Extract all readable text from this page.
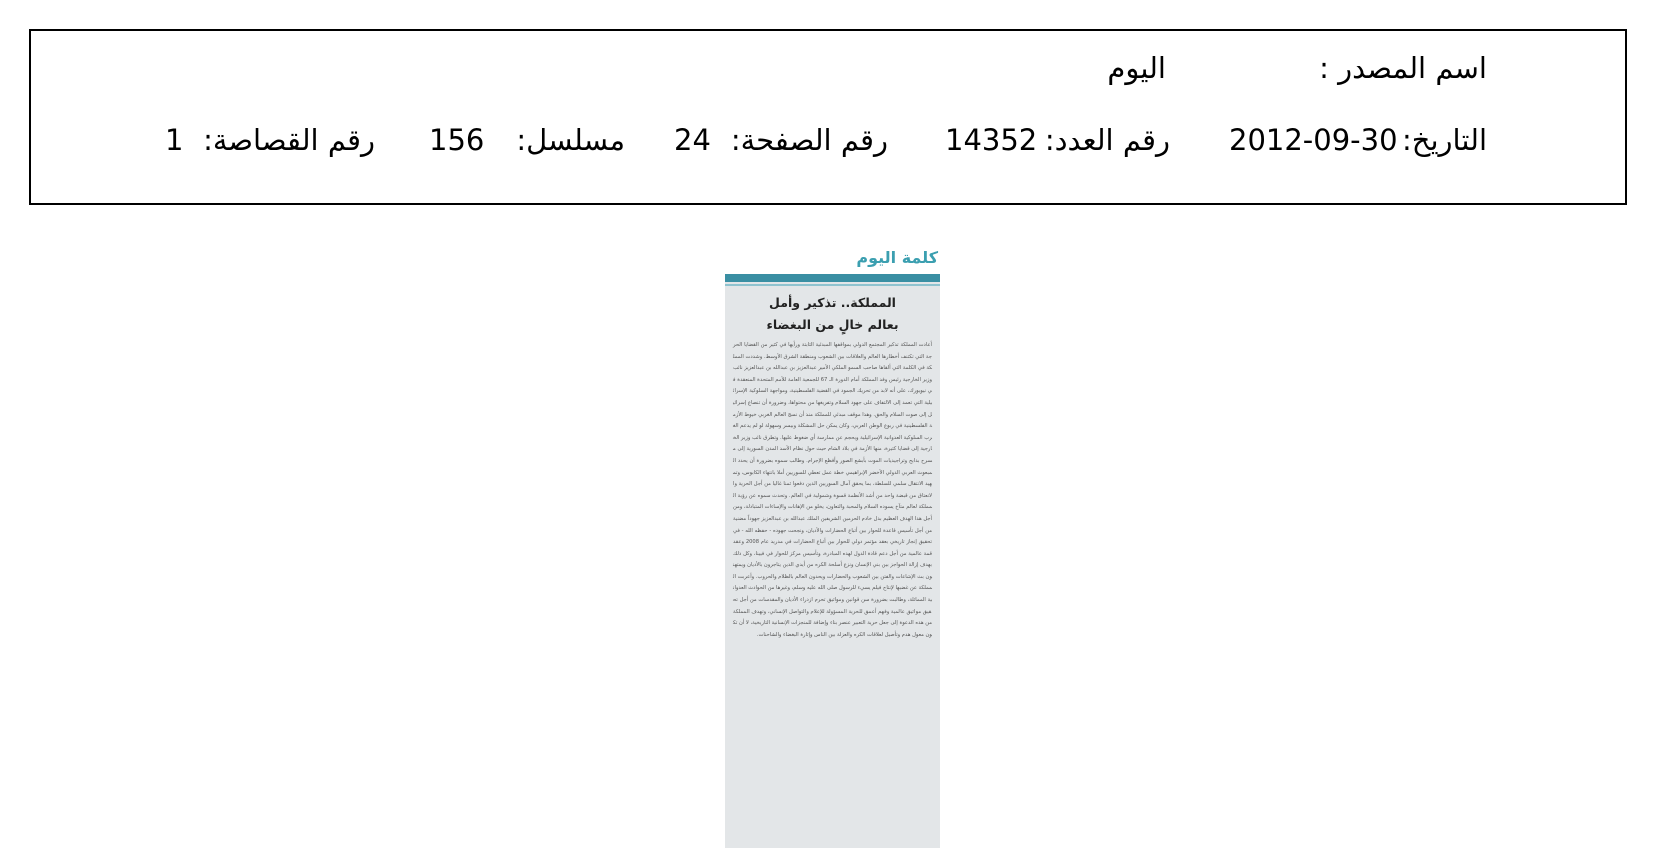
اسم المصدر :
اليوم
التاريخ:
2012-09-30
رقم العدد:
14352
رقم الصفحة:
24
مسلسل:
156
رقم القصاصة:
1
كلمة اليوم
المملكة.. تذكير وأمل
بعالم خالٍ من البغضاء
أعادت المملكة تذكير المجتمع الدولي بمواقفها المبدئية الثابتة ورأيها في كثير من القضايا الحرجة التي تكتنف أخطارها العالم والعلاقات بين الشعوب ومنطقة الشرق الأوسط. وشددت المملكة في الكلمة التي ألقاها صاحب السمو الملكي الأمير عبدالعزيز بن عبدالله بن عبدالعزيز نائب وزير الخارجية رئيس وفد المملكة أمام الدورة الـ 67 للجمعية العامة للأمم المتحدة المنعقدة في نيويورك، على أنه لابد من تحريك الجمود في القضية الفلسطينية، ومواجهة السلوكية الإسرائيلية التي تعمد إلى الالتفاف على جهود السلام وتفريغها من محتواها، وضرورة أن تنصاع إسرائيل إلى صوت السلام والحق. وهذا موقف مبدئي للمملكة منذ أن نسج العالم الغربي خيوط الأزمة الفلسطينية في ربوع الوطن العربي، وكان يمكن حل المشكلة وبيسر وسهولة لو لم يدعم الغرب السلوكية العدوانية الإسرائيلية ويحجم عن ممارسة أي ضغوط عليها. وتطرق نائب وزير الخارجية إلى قضايا كثيرة، منها الأزمة في بلاد الشام حيث حول نظام الأسد المدن السورية إلى مسرح بذابح وتراجيديات الموت بأبشع الصور وأفظع الإجرام. وطالب سموه بضرورة أن يحدد المبعوث العربي الدولي الأخضر الإبراهيمي خطة عمل تعطي للسوريين أملا بانتهاء الكابوس، وتمهيد الانتقال سلمي للسلطة، بما يحقق آمال السوريين الذين دفعوا ثمنا غاليا من أجل الحرية والانعتاق من قبضة واحد من أشد الأنظمة قسوة وشمولية في العالم. وتحدث سموه عن رؤية المملكة لعالم متآخ يسوده السلام والمحبة والتعاون، يخلو من الإهانات والإساءات المتبادلة، ومن أجل هذا الهدف العظيم بذل خادم الحرمين الشريفين الملك عبدالله بن عبدالعزيز جهوداً مضنية من أجل تأسيس قاعدة للحوار بين أتباع الحضارات والأديان، ونجحت جهوده - حفظه الله - في تحقيق إنجاز تاريخي بعقد مؤتمر دولي للحوار بين أتباع الحضارات في مدريد عام 2008 وعقد قمة عالمية من أجل دعم قادة الدول لهذه المبادرة، وتأسيس مركز للحوار في فيينا، وكل ذلك بهدف إزالة الحواجز بين بني الإنسان ونزع أسلحة الكره من أيدي الذين يتاجرون بالأديان ويمتهنون بث الإشاعات والفتن بين الشعوب والحضارات ويحدون العالم بالظلام والحروب. وأعربت المملكة عن غضبها لإنتاج فيلم يسيء للرسول صلى الله عليه وسلم، وغيرها من الحوادث العدوانية المماثلة، وطالبت بضرورة سن قوانين ومواثيق تحرم ازدراء الأديان والمقدسات من أجل تحقيق مواثيق عالمية وفهم أعمق للحرية المسؤولة للإعلام والتواصل الإنساني، وتهدف المملكة من هذه الدعوة إلى جعل حرية التعبير عنصر بناء وإضافة للمنجزات الإنسانية التاريخية، لا أن تكون معول هدم وتأصيل لعلاقات الكره والعزلة بين الناس وإثارة البغضاء والشاحنات.
